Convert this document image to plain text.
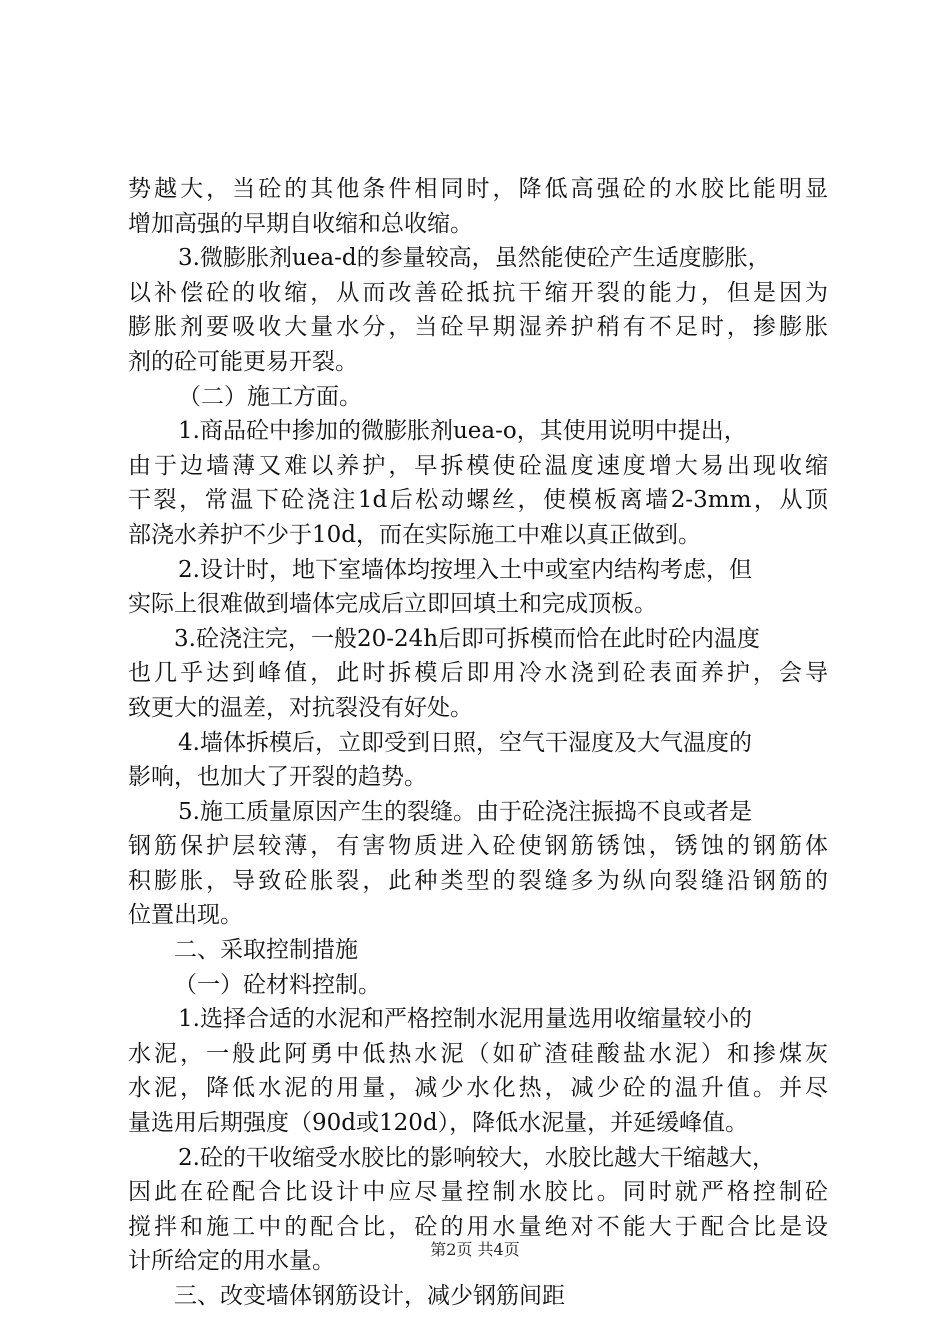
势越大，当砼的其他条件相同时，降低高强砼的水胶比能明显
增加高强的早期自收缩和总收缩。
3.微膨胀剂uea-d的参量较高，虽然能使砼产生适度膨胀，
以补偿砼的收缩，从而改善砼抵抗干缩开裂的能力，但是因为
膨胀剂要吸收大量水分，当砼早期湿养护稍有不足时，掺膨胀
剂的砼可能更易开裂。
（二）施工方面。
1.商品砼中掺加的微膨胀剂uea-o，其使用说明中提出，
由于边墙薄又难以养护，早拆模使砼温度速度增大易出现收缩
干裂，常温下砼浇注1d后松动螺丝，使模板离墙2-3mm，从顶
部浇水养护不少于10d，而在实际施工中难以真正做到。
2.设计时，地下室墙体均按埋入土中或室内结构考虑，但
实际上很难做到墙体完成后立即回填土和完成顶板。
3.砼浇注完，一般20-24h后即可拆模而恰在此时砼内温度
也几乎达到峰值，此时拆模后即用冷水浇到砼表面养护，会导
致更大的温差，对抗裂没有好处。
4.墙体拆模后，立即受到日照，空气干湿度及大气温度的
影响，也加大了开裂的趋势。
5.施工质量原因产生的裂缝。由于砼浇注振捣不良或者是
钢筋保护层较薄，有害物质进入砼使钢筋锈蚀，锈蚀的钢筋体
积膨胀，导致砼胀裂，此种类型的裂缝多为纵向裂缝沿钢筋的
位置出现。
二、采取控制措施
（一）砼材料控制。
1.选择合适的水泥和严格控制水泥用量选用收缩量较小的
水泥，一般此阿勇中低热水泥（如矿渣硅酸盐水泥）和掺煤灰
水泥，降低水泥的用量，减少水化热，减少砼的温升值。并尽
量选用后期强度（90d或120d），降低水泥量，并延缓峰值。
2.砼的干收缩受水胶比的影响较大，水胶比越大干缩越大，
因此在砼配合比设计中应尽量控制水胶比。同时就严格控制砼
搅拌和施工中的配合比，砼的用水量绝对不能大于配合比是设
计所给定的用水量。
三、改变墙体钢筋设计，减少钢筋间距
第2页 共4页
